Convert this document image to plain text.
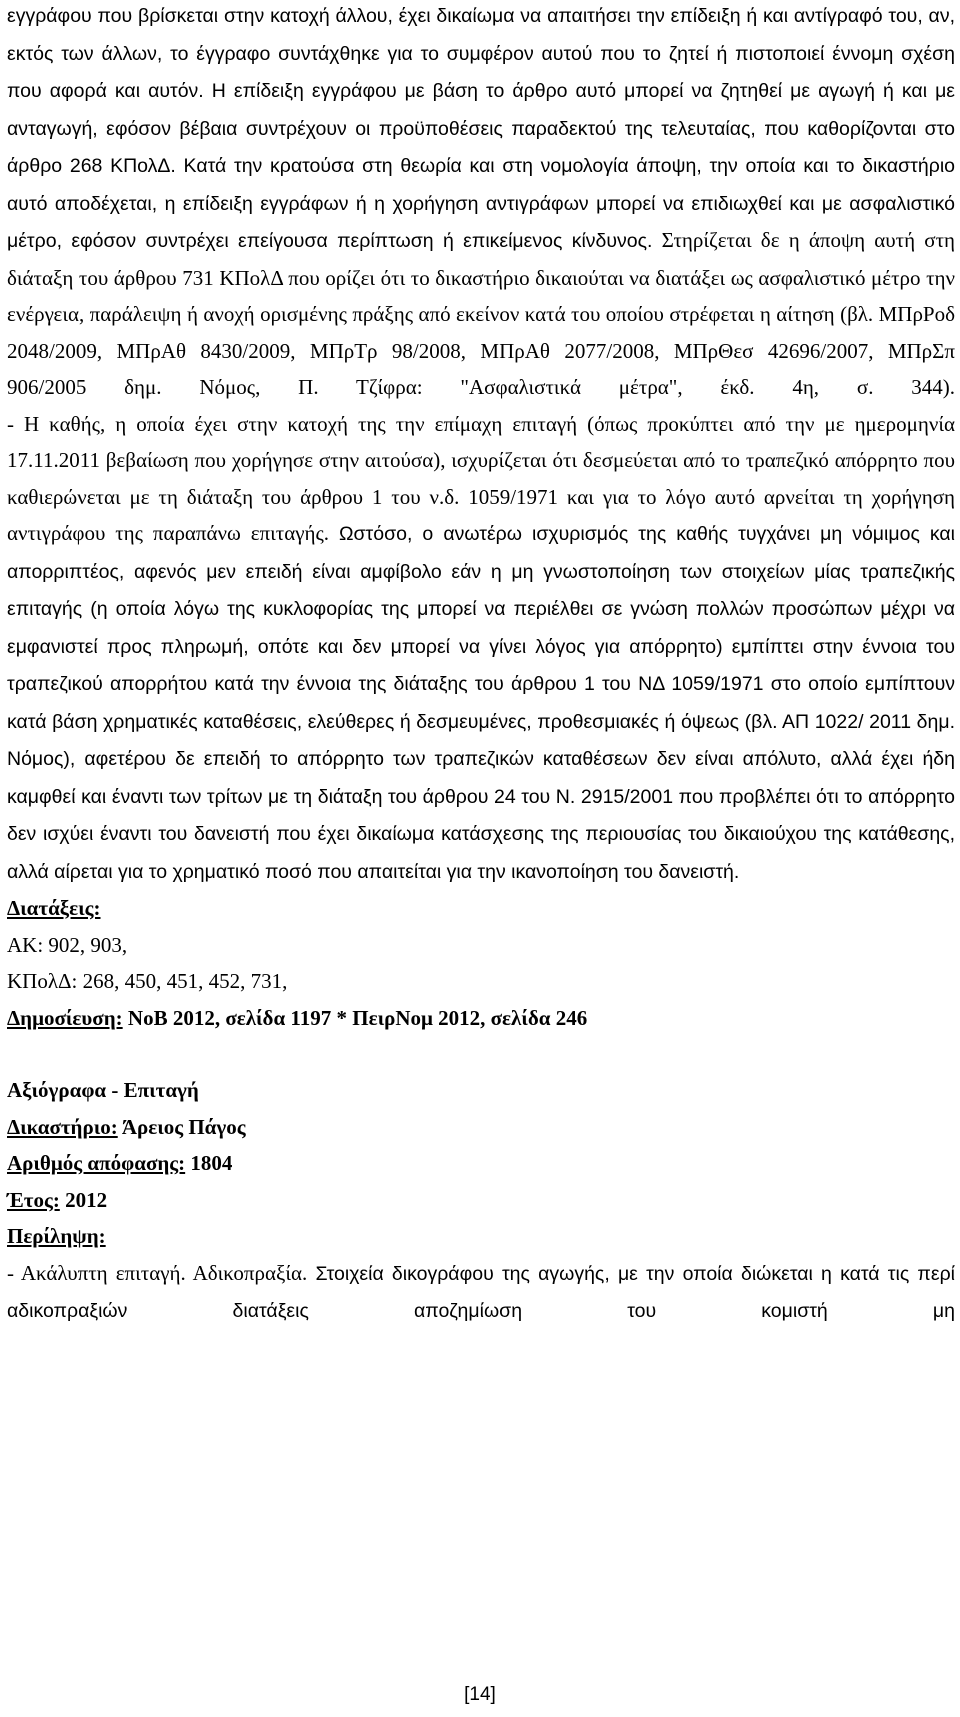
εγγράφου που βρίσκεται στην κατοχή άλλου, έχει δικαίωμα να απαιτήσει την επίδειξη ή και αντίγραφό του, αν, εκτός των άλλων, το έγγραφο συντάχθηκε για το συμφέρον αυτού που το ζητεί ή πιστοποιεί έννομη σχέση που αφορά και αυτόν. Η επίδειξη εγγράφου με βάση το άρθρο αυτό μπορεί να ζητηθεί με αγωγή ή και με ανταγωγή, εφόσον βέβαια συντρέχουν οι προϋποθέσεις παραδεκτού της τελευταίας, που καθορίζονται στο άρθρο 268 ΚΠολΔ. Κατά την κρατούσα στη θεωρία και στη νομολογία άποψη, την οποία και το δικαστήριο αυτό αποδέχεται, η επίδειξη εγγράφων ή η χορήγηση αντιγράφων μπορεί να επιδιωχθεί και με ασφαλιστικό μέτρο, εφόσον συντρέχει επείγουσα περίπτωση ή επικείμενος κίνδυνος. Στηρίζεται δε η άποψη αυτή στη διάταξη του άρθρου 731 ΚΠολΔ που ορίζει ότι το δικαστήριο δικαιούται να διατάξει ως ασφαλιστικό μέτρο την ενέργεια, παράλειψη ή ανοχή ορισμένης πράξης από εκείνον κατά του οποίου στρέφεται η αίτηση (βλ. ΜΠρΡοδ 2048/2009, ΜΠρΑθ 8430/2009, ΜΠρΤρ 98/2008, ΜΠρΑθ 2077/2008, ΜΠρΘεσ 42696/2007, ΜΠρΣπ 906/2005 δημ. Νόμος, Π. Τζίφρα: "Ασφαλιστικά μέτρα", έκδ. 4η, σ. 344).

- Η καθής, η οποία έχει στην κατοχή της την επίμαχη επιταγή (όπως προκύπτει από την με ημερομηνία 17.11.2011 βεβαίωση που χορήγησε στην αιτούσα), ισχυρίζεται ότι δεσμεύεται από το τραπεζικό απόρρητο που καθιερώνεται με τη διάταξη του άρθρου 1 του ν.δ. 1059/1971 και για το λόγο αυτό αρνείται τη χορήγηση αντιγράφου της παραπάνω επιταγής. Ωστόσο, ο ανωτέρω ισχυρισμός της καθής τυγχάνει μη νόμιμος και απορριπτέος, αφενός μεν επειδή είναι αμφίβολο εάν η μη γνωστοποίηση των στοιχείων μίας τραπεζικής επιταγής (η οποία λόγω της κυκλοφορίας της μπορεί να περιέλθει σε γνώση πολλών προσώπων μέχρι να εμφανιστεί προς πληρωμή, οπότε και δεν μπορεί να γίνει λόγος για απόρρητο) εμπίπτει στην έννοια του τραπεζικού απορρήτου κατά την έννοια της διάταξης του άρθρου 1 του ΝΔ 1059/1971 στο οποίο εμπίπτουν κατά βάση χρηματικές καταθέσεις, ελεύθερες ή δεσμευμένες, προθεσμιακές ή όψεως (βλ. ΑΠ 1022/ 2011 δημ. Νόμος), αφετέρου δε επειδή το απόρρητο των τραπεζικών καταθέσεων δεν είναι απόλυτο, αλλά έχει ήδη καμφθεί και έναντι των τρίτων με τη διάταξη του άρθρου 24 του Ν. 2915/2001 που προβλέπει ότι το απόρρητο δεν ισχύει έναντι του δανειστή που έχει δικαίωμα κατάσχεσης της περιουσίας του δικαιούχου της κατάθεσης, αλλά αίρεται για το χρηματικό ποσό που απαιτείται για την ικανοποίηση του δανειστή.

Διατάξεις:

ΑΚ: 902, 903,

ΚΠολΔ: 268, 450, 451, 452, 731,

Δημοσίευση: ΝοΒ 2012, σελίδα 1197 * ΠειρΝομ 2012, σελίδα 246

Αξιόγραφα - Επιταγή

Δικαστήριο: Άρειος Πάγος

Αριθμός απόφασης: 1804

Έτος: 2012

Περίληψη:

- Ακάλυπτη επιταγή. Αδικοπραξία. Στοιχεία δικογράφου της αγωγής, με την οποία διώκεται η κατά τις περί αδικοπραξιών διατάξεις αποζημίωση του κομιστή μη

[14]
